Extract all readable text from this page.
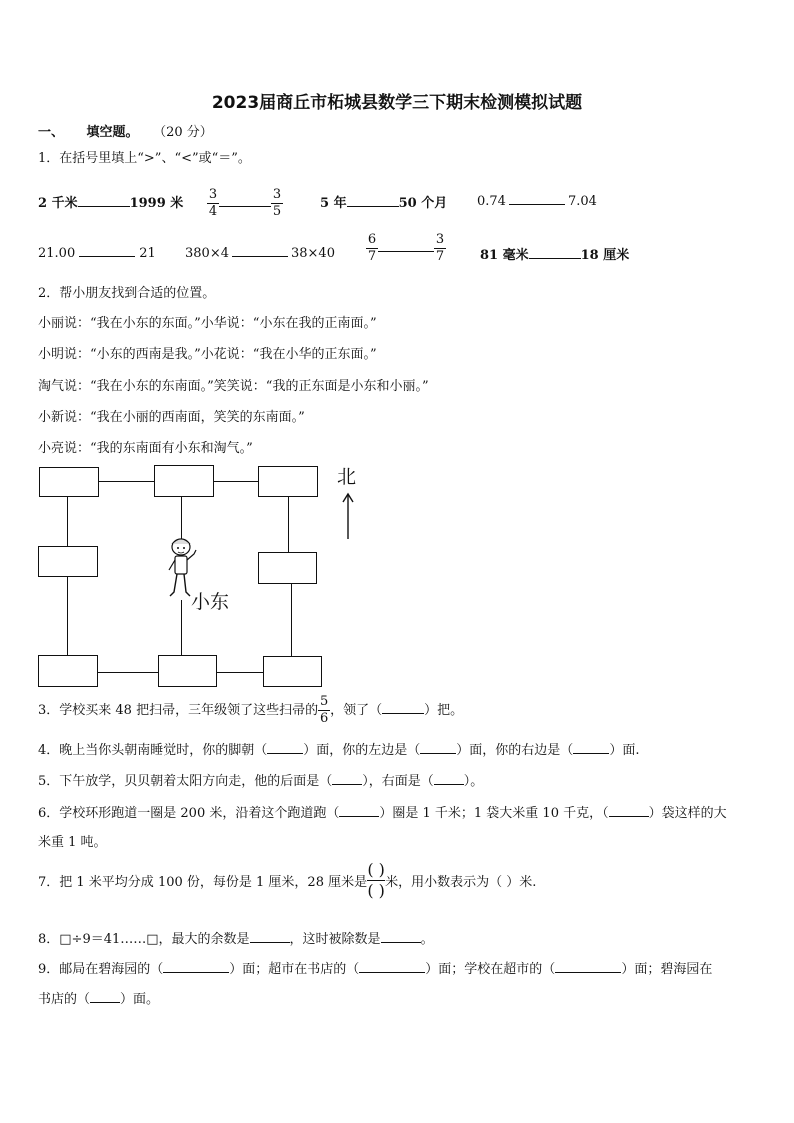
2023届商丘市柘城县数学三下期末检测模拟试题
一、 填空题。 （20 分）
1．在括号里填上“>”、“<”或“＝”。
2 千米	1999 米 $\frac{3}{4}$	$\frac{3}{5}$	5 年	50 个月 0.74	7.04
21.00	21 380×4	$38\times 40 \frac{6}{7}$	$\frac{3}{7}$	81 毫米	18 厘米
2．帮小朋友找到合适的位置。
小丽说：“我在小东的东面。”小华说：“小东在我的正南面。”
小明说：“小东的西南是我。”小花说：“我在小华的正东面。”
淘气说：“我在小东的东南面。”笑笑说：“我的正东面是小东和小丽。”
小新说：“我在小丽的西南面，笑笑的东南面。”
小亮说：“我的东南面有小东和淘气。”
小东
北
3．学校买来 48 把扫帚，三年级领了这些扫帚的 $\frac{5}{6}$ ，领了（	）把。
4．晚上当你头朝南睡觉时，你的脚朝（	）面，你的左边是（	）面，你的右边是（	）面.
5．下午放学，贝贝朝着太阳方向走，他的后面是（ ），右面是（ ）。
6．学校环形跑道一圈是 200 米，沿着这个跑道跑（	）圈是 1 千米；1 袋大米重 10 千克，（	）袋这样的大
米重 1 吨。
7．把 1 米平均分成 100 份，每份是 1 厘米，28 厘米是 $\frac{( )}{( )}$ 米，用小数表示为（ ）米.
8．□÷9＝41……□，最大的余数是	，这时被除数是	。
9．邮局在碧海园的（	）面；超市在书店的（	）面；学校在超市的（	）面；碧海园在
书店的（ ）面。
